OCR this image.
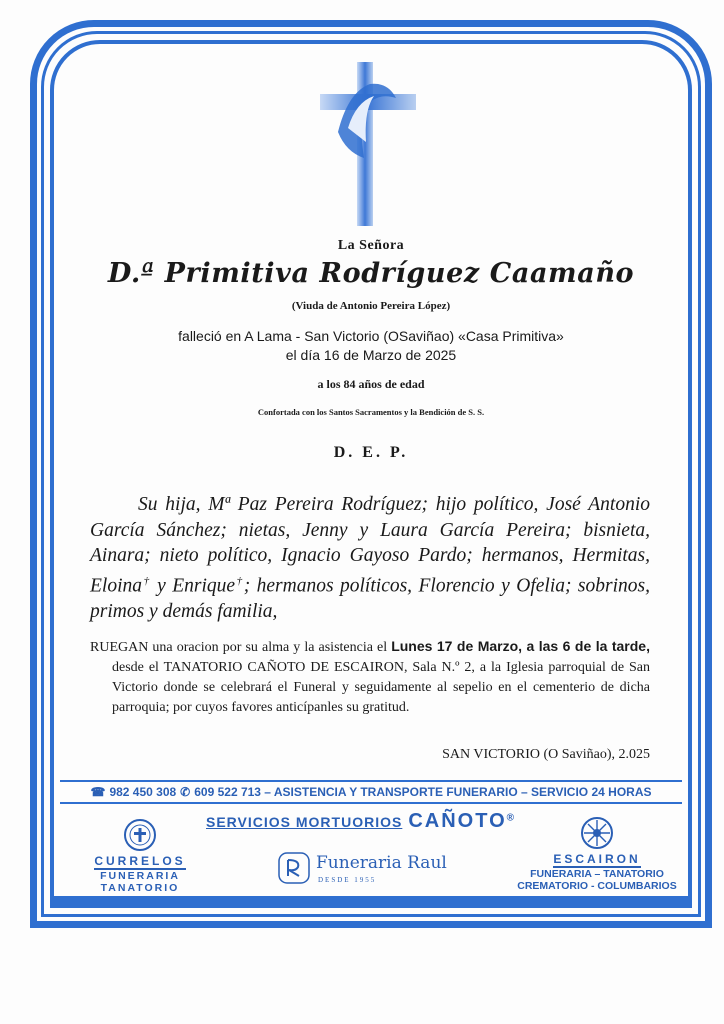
La Señora
D.ª Primitiva Rodríguez Caamaño
(Viuda de Antonio Pereira López)
falleció en A Lama - San Victorio (OSaviñao) «Casa Primitiva»
el día 16 de Marzo de 2025
a los 84 años de edad
Confortada con los Santos Sacramentos y la Bendición de S. S.
D. E. P.
Su hija, Mª Paz Pereira Rodríguez; hijo político, José Antonio García Sánchez; nietas, Jenny y Laura García Pereira; bisnieta, Ainara; nieto político, Ignacio Gayoso Pardo; hermanos, Hermitas, Eloina† y Enrique†; hermanos políticos, Florencio y Ofelia; sobrinos, primos y demás familia,
RUEGAN una oracion por su alma y la asistencia el Lunes 17 de Marzo, a las 6 de la tarde, desde el TANATORIO CAÑOTO DE ESCAIRON, Sala N.º 2, a la Iglesia parroquial de San Victorio donde se celebrará el Funeral y seguidamente al sepelio en el cementerio de dicha parroquia; por cuyos favores anticípanles su gratitud.
SAN VICTORIO (O Saviñao), 2.025
☎ 982 450 308 ✆ 609 522 713 – ASISTENCIA Y TRANSPORTE FUNERARIO – SERVICIO 24 HORAS
SERVICIOS MORTUORIOS CAÑOTO®
CURRELOS
FUNERARIA
TANATORIO
Funeraria Raul
DESDE 1955
ESCAIRON
FUNERARIA – TANATORIO
CREMATORIO - COLUMBARIOS
